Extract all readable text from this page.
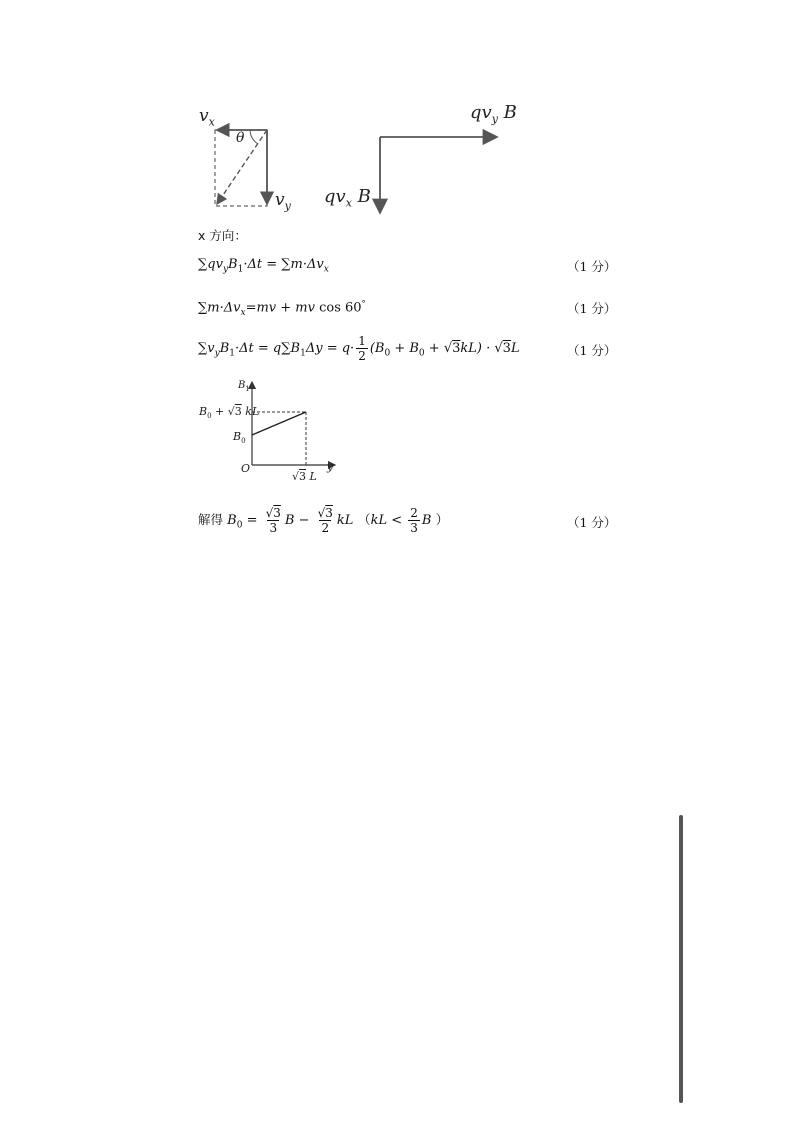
$v_x$
θ
$v_y$
$qv_y$ B
$qv_x$ B
x 方向：
$\sum qv_yB_1\cdot\Delta t = \sum m\cdot\Delta v_x$	（1 分）
$\sum m\cdot\Delta v_x=mv$ + mv cos 60°	（1 分）
$\sum v_yB_1\cdot\Delta t = q\sum B_1\Delta y = q\cdot \frac{1}{2} (B_0 + B_0 + √3kL) \cdot √3L$	（1 分）
$B_1$
$B_0 + √3$ kL
$B_0$
O
√3 L
y
解得 $B_0 = \frac{√3}{3}$ $B - \frac{√3}{2}$ kL （$kL < \frac{2}{3}$ B ）	（1 分）
